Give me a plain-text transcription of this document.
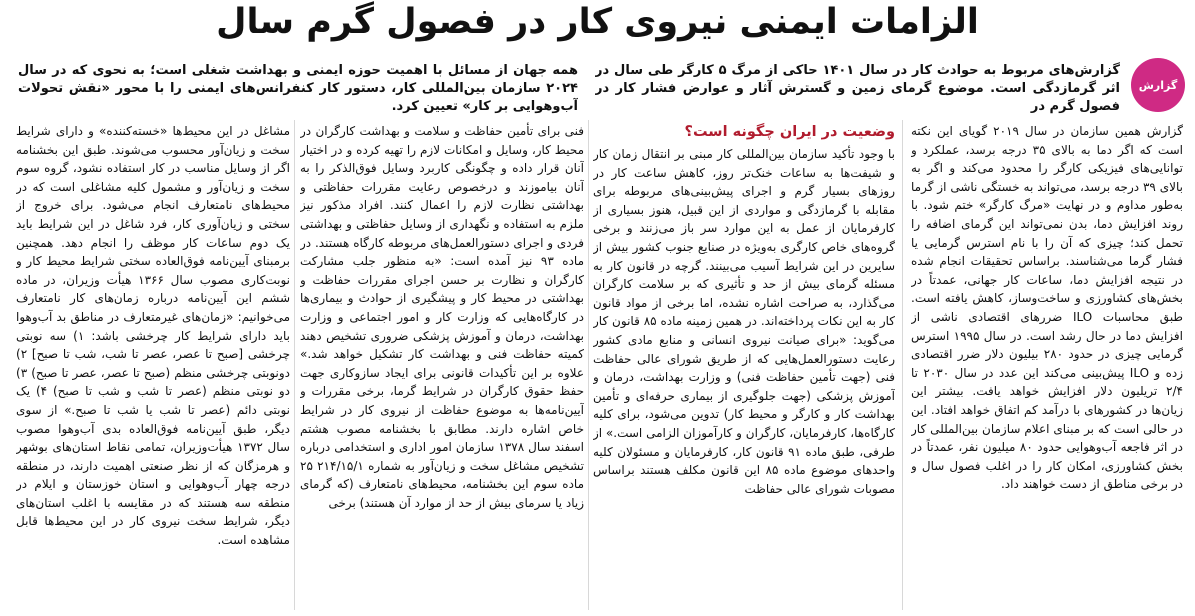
الزامات ایمنی نیروی کار در فصول گرم سال
گزارش
گزارش‌های مربوط به حوادث کار در سال ۱۴۰۱ حاکی از مرگ ۵ کارگر طی سال در اثر گرمازدگی است. موضوع گرمای زمین و گسترش آثار و عوارض فشار کار در فصول گرم در
همه جهان از مسائل با اهمیت حوزه ایمنی و بهداشت شغلی است؛ به نحوی که در سال ۲۰۲۴ سازمان بین‌المللی کار، دستور کار کنفرانس‌های ایمنی را با محور «نقش تحولات آب‌وهوایی بر کار» تعیین کرد.

گزارش همین سازمان در سال ۲۰۱۹ گویای این نکته است که اگر دما به بالای ۳۵ درجه برسد، عملکرد و توانایی‌های فیزیکی کارگر را محدود می‌کند و اگر به بالای ۳۹ درجه برسد، می‌تواند به خستگی ناشی از گرما به‌طور مداوم و در نهایت «مرگ کارگر» ختم شود. با روند افزایش دما، بدن نمی‌تواند این گرمای اضافه را تحمل کند؛ چیزی که آن را با نام استرس گرمایی یا فشار گرما می‌شناسند. براساس تحقیقات انجام شده در نتیجه افزایش دما، ساعات کار جهانی، عمدتاً در بخش‌های کشاورزی و ساخت‌وساز، کاهش یافته است. طبق محاسبات ILO ضررهای اقتصادی ناشی از افزایش دما در حال رشد است. در سال ۱۹۹۵ استرس گرمایی چیزی در حدود ۲۸۰ بیلیون دلار ضرر اقتصادی زده و ILO پیش‌بینی می‌کند این عدد در سال ۲۰۳۰ تا ۲/۴ تریلیون دلار افزایش خواهد یافت. بیشتر این زیان‌ها در کشورهای با درآمد کم اتفاق خواهد افتاد. این در حالی است که بر مبنای اعلام سازمان بین‌المللی کار در اثر فاجعه آب‌وهوایی حدود ۸۰ میلیون نفر، عمدتاً در بخش کشاورزی، امکان کار را در اغلب فصول سال و در برخی مناطق از دست خواهند داد.

وضعیت در ایران چگونه است؟

با وجود تأکید سازمان بین‌المللی کار مبنی بر انتقال زمان کار و شیفت‌ها به ساعات خنک‌تر روز، کاهش ساعت کار در روزهای بسیار گرم و اجرای پیش‌بینی‌های مربوطه برای مقابله با گرمازدگی و مواردی از این قبیل، هنوز بسیاری از کارفرمایان از عمل به این موارد سر باز می‌زنند و برخی گروه‌های خاص کارگری به‌ویژه در صنایع جنوب کشور بیش از سایرین در این شرایط آسیب می‌بینند. گرچه در قانون کار به مسئله گرمای بیش از حد و تأثیری که بر سلامت کارگران می‌گذارد، به صراحت اشاره نشده، اما برخی از مواد قانون کار به این نکات پرداخته‌اند. در همین زمینه ماده ۸۵ قانون کار می‌گوید: «برای صیانت نیروی انسانی و منابع مادی کشور رعایت دستورالعمل‌هایی که از طریق شورای عالی حفاظت فنی (جهت تأمین حفاظت فنی) و وزارت بهداشت، درمان و آموزش پزشکی (جهت جلوگیری از بیماری حرفه‌ای و تأمین بهداشت کار و کارگر و محیط کار) تدوین می‌شود، برای کلیه کارگاه‌ها، کارفرمایان، کارگران و کارآموزان الزامی است.» از طرفی، طبق ماده ۹۱ قانون کار، کارفرمایان و مسئولان کلیه واحدهای موضوع ماده ۸۵ این قانون مکلف هستند براساس مصوبات شورای عالی حفاظت

فنی برای تأمین حفاظت و سلامت و بهداشت کارگران در محیط کار، وسایل و امکانات لازم را تهیه کرده و در اختیار آنان قرار داده و چگونگی کاربرد وسایل فوق‌الذکر را به آنان بیاموزند و درخصوص رعایت مقررات حفاظتی و بهداشتی نظارت لازم را اعمال کنند. افراد مذکور نیز ملزم به استفاده و نگهداری از وسایل حفاظتی و بهداشتی فردی و اجرای دستورالعمل‌های مربوطه کارگاه هستند. در ماده ۹۳ نیز آمده است: «به منظور جلب مشارکت کارگران و نظارت بر حسن اجرای مقررات حفاظت و بهداشتی در محیط کار و پیشگیری از حوادث و بیماری‌ها در کارگاه‌هایی که وزارت کار و امور اجتماعی و وزارت بهداشت، درمان و آموزش پزشکی ضروری تشخیص دهند کمیته حفاظت فنی و بهداشت کار تشکیل خواهد شد.» علاوه بر این تأکیدات قانونی برای ایجاد سازوکاری جهت حفظ حقوق کارگران در شرایط گرما، برخی مقررات و آیین‌نامه‌ها به موضوع حفاظت از نیروی کار در شرایط خاص اشاره دارند. مطابق با بخشنامه مصوب هشتم اسفند سال ۱۳۷۸ سازمان امور اداری و استخدامی درباره تشخیص مشاغل سخت و زیان‌آور به شماره ۲۱۴/۱۵/۱ ۲۵ ماده سوم این بخشنامه، محیط‌های نامتعارف (که گرمای زیاد یا سرمای بیش از حد از موارد آن هستند) برخی

مشاغل در این محیط‌ها «خسته‌کننده» و دارای شرایط سخت و زیان‌آور محسوب می‌شوند. طبق این بخشنامه اگر از وسایل مناسب در کار استفاده نشود، گروه سوم سخت و زیان‌آور و مشمول کلیه مشاغلی است که در محیط‌های نامتعارف انجام می‌شود. برای خروج از سختی و زیان‌آوری کار، فرد شاغل در این شرایط باید یک دوم ساعات کار موظف را انجام دهد. همچنین برمبنای آیین‌نامه فوق‌العاده سختی شرایط محیط کار و نوبت‌کاری مصوب سال ۱۳۶۶ هیأت وزیران، در ماده ششم این آیین‌نامه درباره زمان‌های کار نامتعارف می‌خوانیم: «زمان‌های غیرمتعارف در مناطق بد آب‌وهوا باید دارای شرایط کار چرخشی باشد: ۱) سه نوبتی چرخشی [صبح تا عصر، عصر تا شب، شب تا صبح] ۲) دونوبتی چرخشی منظم (صبح تا عصر، عصر تا صبح) ۳) دو نوبتی منظم (عصر تا شب و شب تا صبح) ۴) یک نوبتی دائم (عصر تا شب یا شب تا صبح.» از سوی دیگر، طبق آیین‌نامه فوق‌العاده بدی آب‌وهوا مصوب سال ۱۳۷۲ هیأت‌وزیران، تمامی نقاط استان‌های بوشهر و هرمزگان که از نظر صنعتی اهمیت دارند، در منطقه درجه چهار آب‌وهوایی و استان خوزستان و ایلام در منطقه سه هستند که در مقایسه با اغلب استان‌های دیگر، شرایط سخت نیروی کار در این محیط‌ها قابل مشاهده است.
